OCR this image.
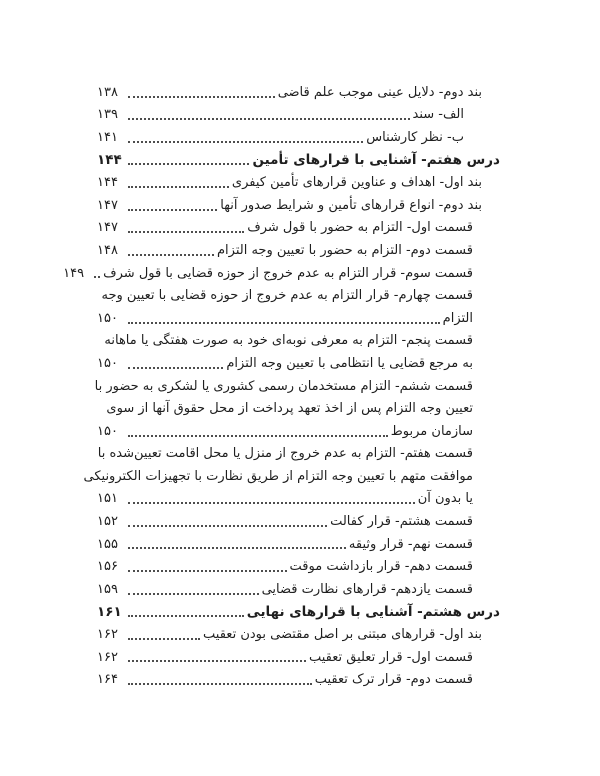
بند دوم- دلایل عینی موجب علم قاضی
۱۳۸
الف- سند
۱۳۹
ب- نظر کارشناس
۱۴۱
درس هفتم- آشنایی با قرارهای تأمین
۱۴۴
بند اول- اهداف و عناوین قرارهای تأمین کیفری
۱۴۴
بند دوم- انواع قرارهای تأمین و شرایط صدور آنها
۱۴۷
قسمت اول- التزام به حضور با قول شرف
۱۴۷
قسمت دوم- التزام به حضور با تعیین وجه التزام
۱۴۸
قسمت سوم- قرار التزام به عدم خروج از حوزه قضایی با قول شرف
۱۴۹
قسمت چهارم- قرار التزام به عدم خروج از حوزه قضایی با تعیین وجه
التزام
۱۵۰
قسمت پنجم- التزام به معرفی نوبه‌ای خود به صورت هفتگی یا ماهانه
به مرجع قضایی یا انتظامی با تعیین وجه التزام
۱۵۰
قسمت ششم- التزام مستخدمان رسمی کشوری یا لشکری به حضور با
تعیین وجه التزام پس از اخذ تعهد پرداخت از محل حقوق آنها از سوی
سازمان مربوط
۱۵۰
قسمت هفتم- التزام به عدم خروج از منزل یا محل اقامت تعیین‌شده با
موافقت متهم با تعیین وجه التزام از طریق نظارت با تجهیزات الکترونیکی
یا بدون آن
۱۵۱
قسمت هشتم- قرار کفالت
۱۵۲
قسمت نهم- قرار وثیقه
۱۵۵
قسمت دهم- قرار بازداشت موقت
۱۵۶
قسمت یازدهم- قرارهای نظارت قضایی
۱۵۹
درس هشتم- آشنایی با قرارهای نهایی
۱۶۱
بند اول- قرارهای مبتنی بر اصل مقتضی بودن تعقیب
۱۶۲
قسمت اول- قرار تعلیق تعقیب
۱۶۲
قسمت دوم- قرار ترک تعقیب
۱۶۴
